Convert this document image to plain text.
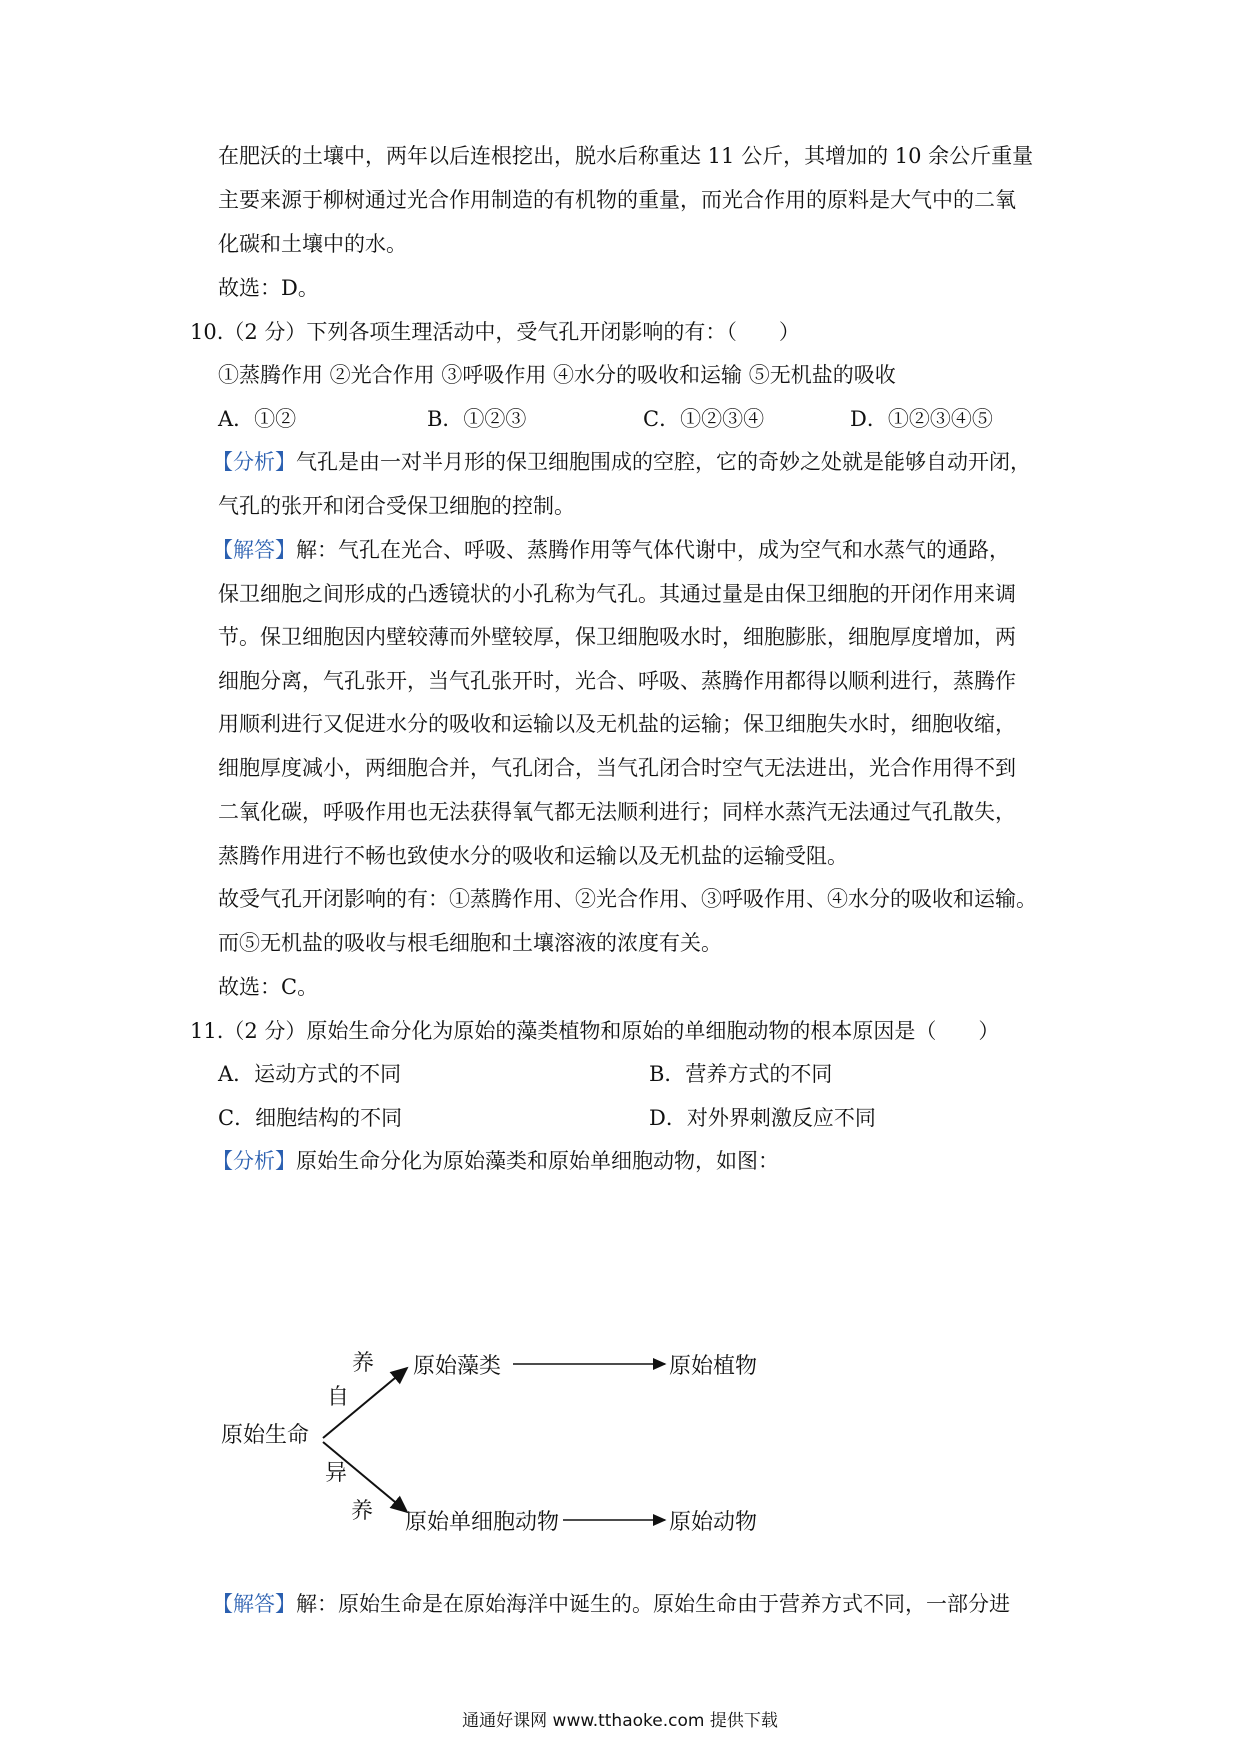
在肥沃的土壤中，两年以后连根挖出，脱水后称重达 11 公斤，其增加的 10 余公斤重量
主要来源于柳树通过光合作用制造的有机物的重量，而光合作用的原料是大气中的二氧
化碳和土壤中的水。
故选：D。
10.（2 分）下列各项生理活动中，受气孔开闭影响的有：（　　）
①蒸腾作用 ②光合作用 ③呼吸作用 ④水分的吸收和运输 ⑤无机盐的吸收
A．①②	B．①②③	C．①②③④	D．①②③④⑤
【分析】气孔是由一对半月形的保卫细胞围成的空腔，它的奇妙之处就是能够自动开闭，
气孔的张开和闭合受保卫细胞的控制。
【解答】解：气孔在光合、呼吸、蒸腾作用等气体代谢中，成为空气和水蒸气的通路，
保卫细胞之间形成的凸透镜状的小孔称为气孔。其通过量是由保卫细胞的开闭作用来调
节。保卫细胞因内壁较薄而外壁较厚，保卫细胞吸水时，细胞膨胀，细胞厚度增加，两
细胞分离，气孔张开，当气孔张开时，光合、呼吸、蒸腾作用都得以顺利进行，蒸腾作
用顺利进行又促进水分的吸收和运输以及无机盐的运输；保卫细胞失水时，细胞收缩，
细胞厚度减小，两细胞合并，气孔闭合，当气孔闭合时空气无法进出，光合作用得不到
二氧化碳，呼吸作用也无法获得氧气都无法顺利进行；同样水蒸汽无法通过气孔散失，
蒸腾作用进行不畅也致使水分的吸收和运输以及无机盐的运输受阻。
故受气孔开闭影响的有：①蒸腾作用、②光合作用、③呼吸作用、④水分的吸收和运输。
而⑤无机盐的吸收与根毛细胞和土壤溶液的浓度有关。
故选：C。
11.（2 分）原始生命分化为原始的藻类植物和原始的单细胞动物的根本原因是（　　）
A．运动方式的不同	B．营养方式的不同
C．细胞结构的不同	D．对外界刺激反应不同
【分析】原始生命分化为原始藻类和原始单细胞动物，如图：
原始生命
养
自
异
养
原始藻类	原始植物
原始单细胞动物	原始动物
【解答】解：原始生命是在原始海洋中诞生的。原始生命由于营养方式不同，一部分进
通通好课网 www.tthaoke.com 提供下载
